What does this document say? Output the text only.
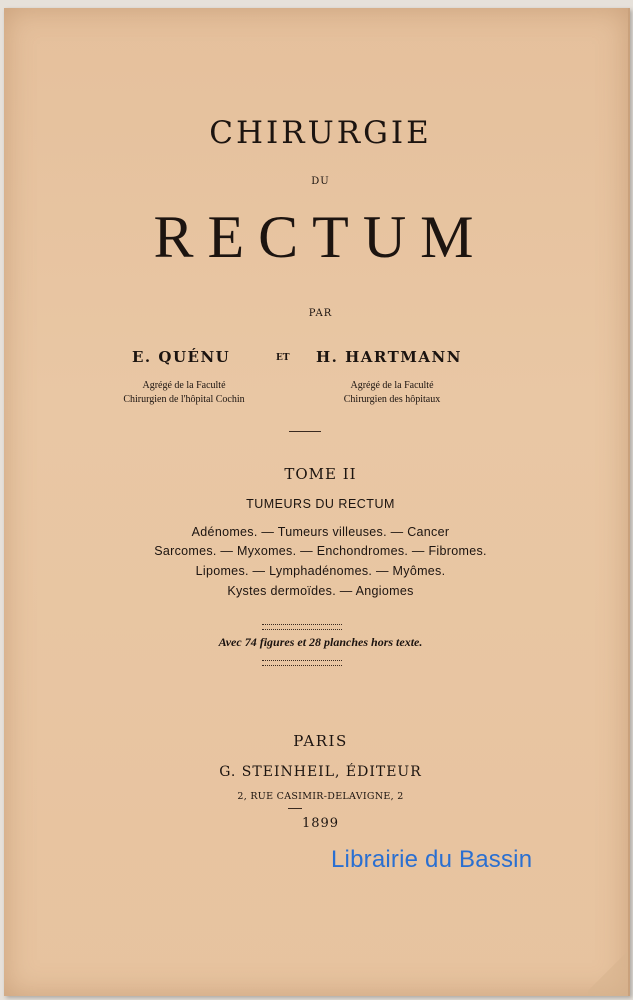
CHIRURGIE
DU
RECTUM
PAR
E. QUÉNU	ET H. HARTMANN
Agrégé de la Faculté
Chirurgien de l'hôpital Cochin
Agrégé de la Faculté
Chirurgien des hôpitaux
TOME II
TUMEURS DU RECTUM
Adénomes. — Tumeurs villeuses. — Cancer
Sarcomes. — Myxomes. — Enchondromes. — Fibromes.
Lipomes. — Lymphadénomes. — Myômes.
Kystes dermoïdes. — Angiomes
Avec 74 figures et 28 planches hors texte.
PARIS
G. STEINHEIL, ÉDITEUR
2, RUE CASIMIR-DELAVIGNE, 2
1899
Librairie du Bassin
